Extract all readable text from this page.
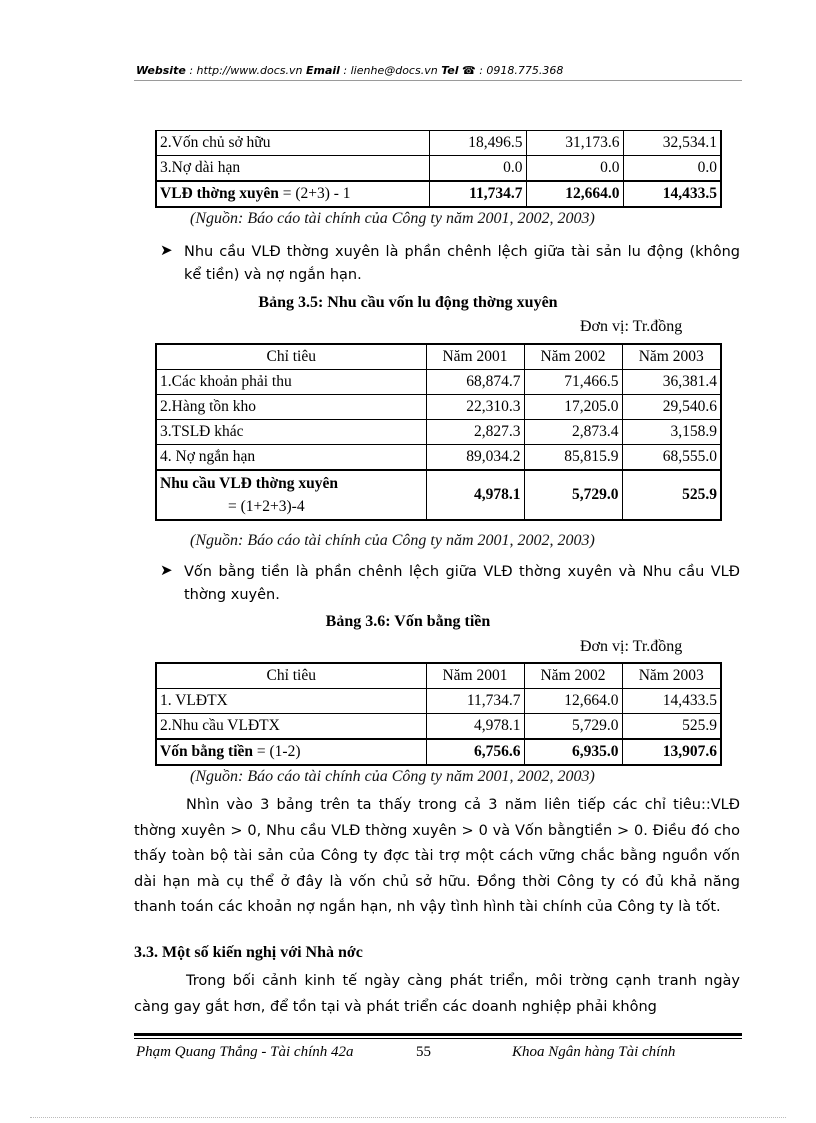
Website : http://www.docs.vn Email : lienhe@docs.vn Tel ☎ : 0918.775.368
2.Vốn chủ sở hữu	18,496.5	31,173.6	32,534.1
3.Nợ dài hạn	0.0	0.0	0.0
VLĐ thờng xuyên = (2+3) - 1	11,734.7	12,664.0	14,433.5
(Nguồn: Báo cáo tài chính của Công ty năm 2001, 2002, 2003)
➤ Nhu cầu VLĐ thờng xuyên là phần chênh lệch giữa tài sản lu động (không kể tiền) và nợ ngắn hạn.
Bảng 3.5: Nhu cầu vốn lu động thờng xuyên
Đơn vị: Tr.đồng
Chỉ tiêu	Năm 2001	Năm 2002	Năm 2003
1.Các khoản phải thu	68,874.7	71,466.5	36,381.4
2.Hàng tồn kho	22,310.3	17,205.0	29,540.6
3.TSLĐ khác	2,827.3	2,873.4	3,158.9
4. Nợ ngắn hạn	89,034.2	85,815.9	68,555.0
Nhu cầu VLĐ thờng xuyên
= (1+2+3)-4	4,978.1	5,729.0	525.9
(Nguồn: Báo cáo tài chính của Công ty năm 2001, 2002, 2003)
➤ Vốn bằng tiền là phần chênh lệch giữa VLĐ thờng xuyên và Nhu cầu VLĐ thờng xuyên.
Bảng 3.6: Vốn bằng tiền
Đơn vị: Tr.đồng
Chỉ tiêu	Năm 2001	Năm 2002	Năm 2003
1. VLĐTX	11,734.7	12,664.0	14,433.5
2.Nhu cầu VLĐTX	4,978.1	5,729.0	525.9
Vốn bằng tiền = (1-2)	6,756.6	6,935.0	13,907.6
(Nguồn: Báo cáo tài chính của Công ty năm 2001, 2002, 2003)
Nhìn vào 3 bảng trên ta thấy trong cả 3 năm liên tiếp các chỉ tiêu::VLĐ thờng xuyên > 0, Nhu cầu VLĐ thờng xuyên > 0 và Vốn bằngtiền > 0. Điều đó cho thấy toàn bộ tài sản của Công ty đợc tài trợ một cách vững chắc bằng nguồn vốn dài hạn mà cụ thể ở đây là vốn chủ sở hữu. Đồng thời Công ty có đủ khả năng thanh toán các khoản nợ ngắn hạn, nh vậy tình hình tài chính của Công ty là tốt.
3.3. Một số kiến nghị với Nhà nớc
Trong bối cảnh kinh tế ngày càng phát triển, môi trờng cạnh tranh ngày càng gay gắt hơn, để tồn tại và phát triển các doanh nghiệp phải không
Phạm Quang Thắng - Tài chính 42a	55	Khoa Ngân hàng Tài chính
